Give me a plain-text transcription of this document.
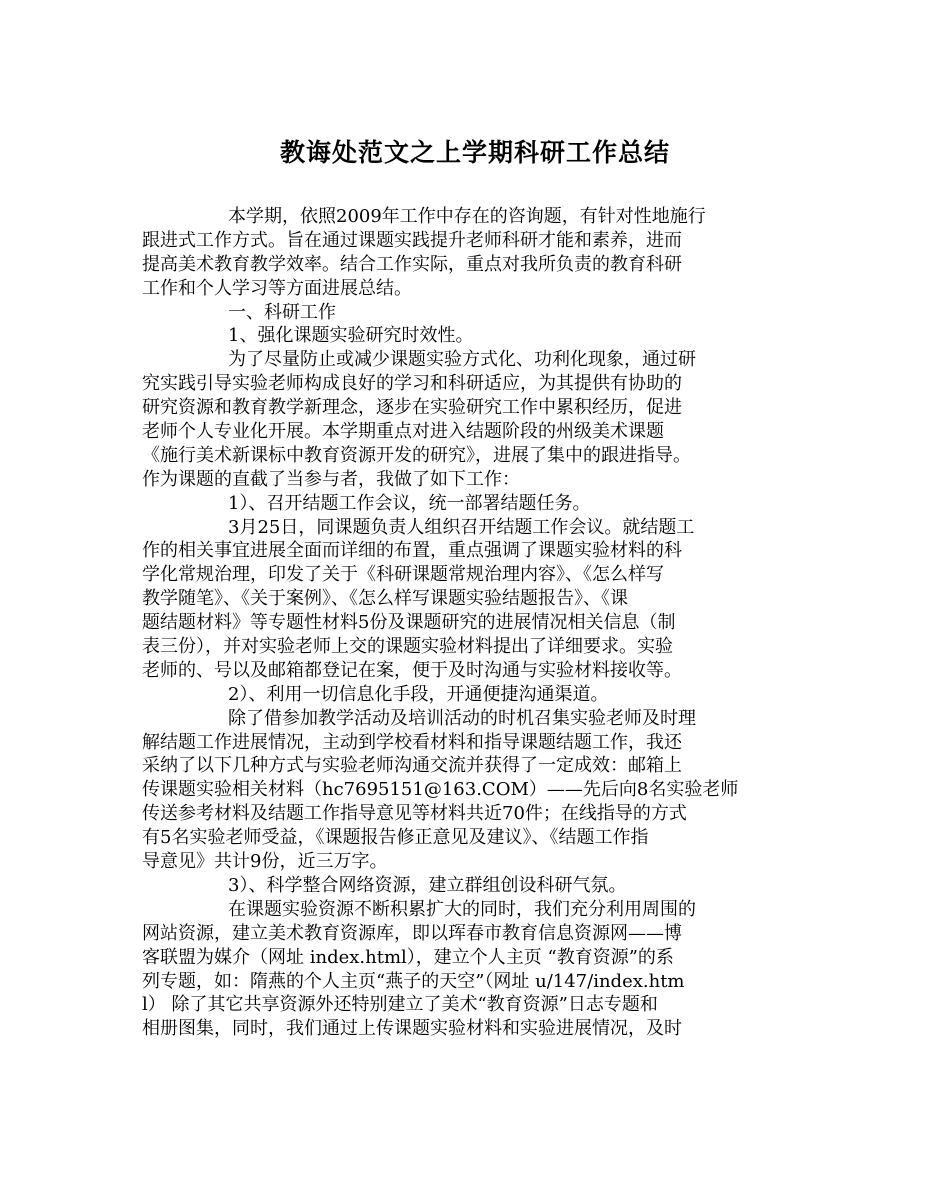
教诲处范文之上学期科研工作总结
本学期，依照2009年工作中存在的咨询题，有针对性地施行
跟进式工作方式。旨在通过课题实践提升老师科研才能和素养，进而
提高美术教育教学效率。结合工作实际，重点对我所负责的教育科研
工作和个人学习等方面进展总结。
一、科研工作
1、强化课题实验研究时效性。
为了尽量防止或减少课题实验方式化、功利化现象，通过研
究实践引导实验老师构成良好的学习和科研适应，为其提供有协助的
研究资源和教育教学新理念，逐步在实验研究工作中累积经历，促进
老师个人专业化开展。本学期重点对进入结题阶段的州级美术课题
《施行美术新课标中教育资源开发的研究》，进展了集中的跟进指导。
作为课题的直截了当参与者，我做了如下工作：
1）、召开结题工作会议，统一部署结题任务。
3月25日，同课题负责人组织召开结题工作会议。就结题工
作的相关事宜进展全面而详细的布置，重点强调了课题实验材料的科
学化常规治理，印发了关于《科研课题常规治理内容》、《怎么样写
教学随笔》、《关于案例》、《怎么样写课题实验结题报告》、《课
题结题材料》等专题性材料5份及课题研究的进展情况相关信息（制
表三份），并对实验老师上交的课题实验材料提出了详细要求。实验
老师的、号以及邮箱都登记在案，便于及时沟通与实验材料接收等。
2）、利用一切信息化手段，开通便捷沟通渠道。
除了借参加教学活动及培训活动的时机召集实验老师及时理
解结题工作进展情况，主动到学校看材料和指导课题结题工作，我还
采纳了以下几种方式与实验老师沟通交流并获得了一定成效：邮箱上
传课题实验相关材料（hc7695151@163.COM）——先后向8名实验老师
传送参考材料及结题工作指导意见等材料共近70件；在线指导的方式
有5名实验老师受益，《课题报告修正意见及建议》、《结题工作指
导意见》共计9份，近三万字。
3）、科学整合网络资源，建立群组创设科研气氛。
在课题实验资源不断积累扩大的同时，我们充分利用周围的
网站资源，建立美术教育资源库，即以珲春市教育信息资源网——博
客联盟为媒介（网址 index.html），建立个人主页 “教育资源”的系
列专题，如：隋燕的个人主页“燕子的天空”（网址 u/147/index.htm
l） 除了其它共享资源外还特别建立了美术“教育资源”日志专题和
相册图集，同时，我们通过上传课题实验材料和实验进展情况，及时
